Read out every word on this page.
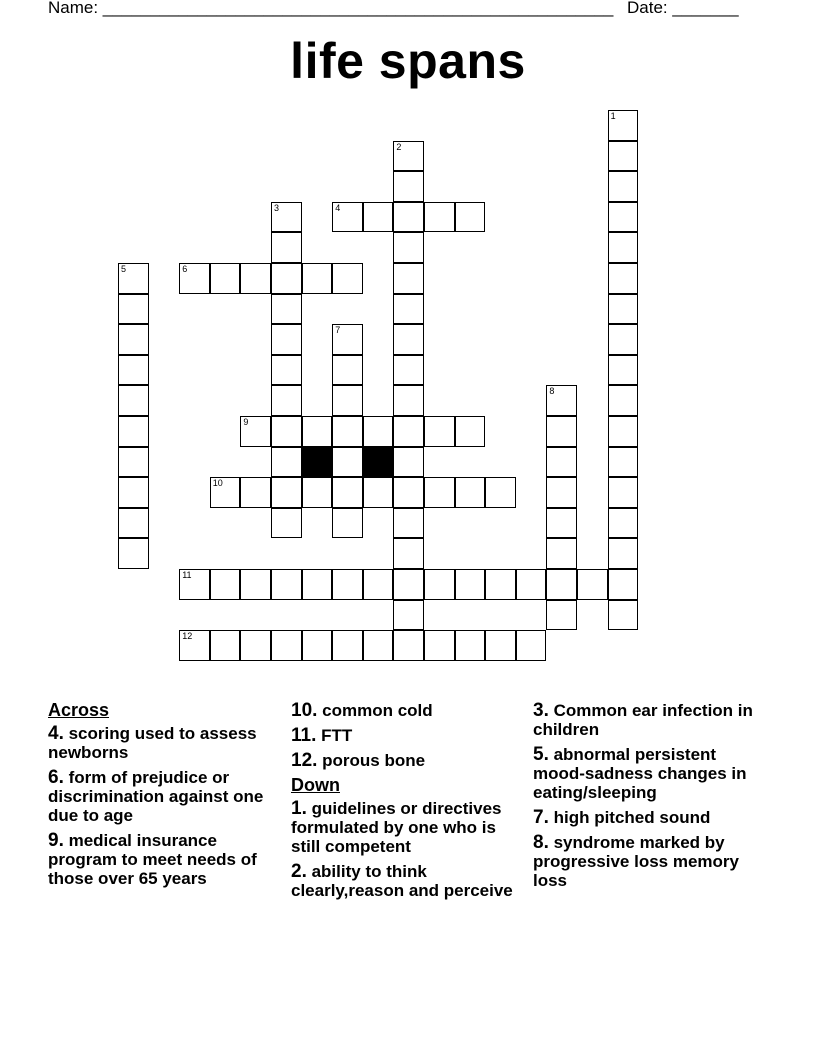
Name: ______________________________________________________ Date: _______
life spans
4
6
9
10
11
12
1
2
3
5
7
8
Across
4. scoring used to assess newborns
6. form of prejudice or discrimination against one due to age
9. medical insurance program to meet needs of those over 65 years
10. common cold
11. FTT
12. porous bone
Down
1. guidelines or directives formulated by one who is still competent
2. ability to think clearly,reason and perceive
3. Common ear infection in children
5. abnormal persistent mood-sadness changes in eating/sleeping
7. high pitched sound
8. syndrome marked by progressive loss memory loss
